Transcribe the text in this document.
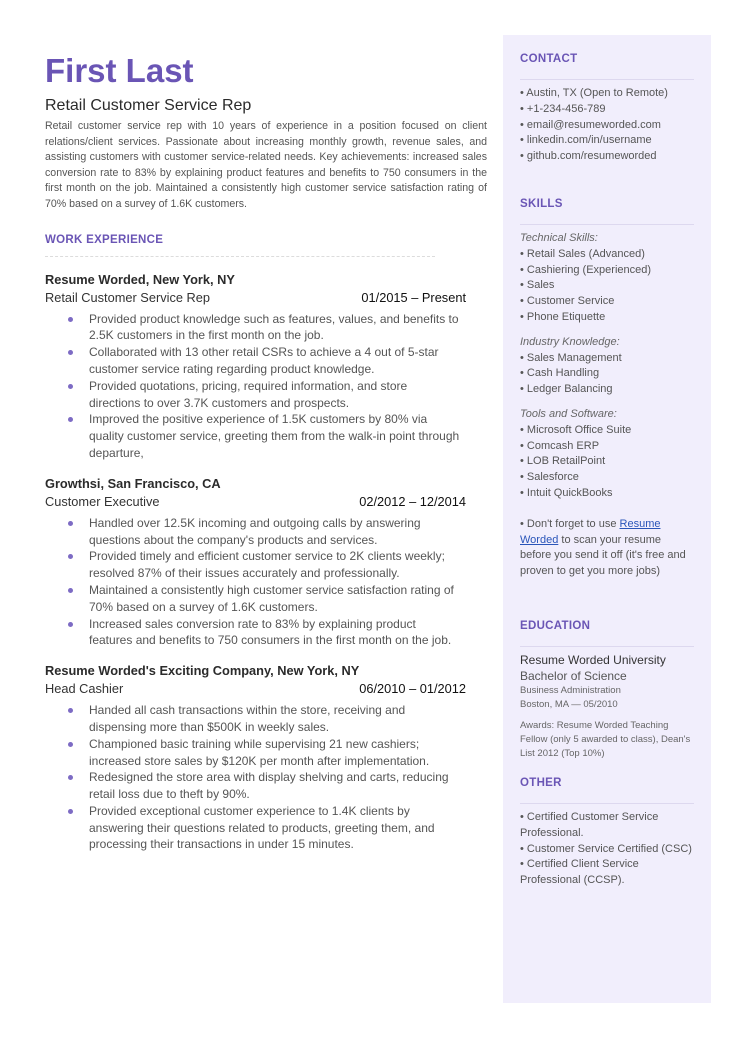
First Last
Retail Customer Service Rep
Retail customer service rep with 10 years of experience in a position focused on client relations/client services. Passionate about increasing monthly growth, revenue sales, and assisting customers with customer service-related needs. Key achievements: increased sales conversion rate to 83% by explaining product features and benefits to 750 consumers in the first month on the job. Maintained a consistently high customer service satisfaction rating of 70% based on a survey of 1.6K customers.
WORK EXPERIENCE
Resume Worded, New York, NY
Retail Customer Service Rep	01/2015 – Present
Provided product knowledge such as features, values, and benefits to 2.5K customers in the first month on the job.
Collaborated with 13 other retail CSRs to achieve a 4 out of 5-star customer service rating regarding product knowledge.
Provided quotations, pricing, required information, and store directions to over 3.7K customers and prospects.
Improved the positive experience of 1.5K customers by 80% via quality customer service, greeting them from the walk-in point through departure,
Growthsi, San Francisco, CA
Customer Executive	02/2012 – 12/2014
Handled over 12.5K incoming and outgoing calls by answering questions about the company's products and services.
Provided timely and efficient customer service to 2K clients weekly; resolved 87% of their issues accurately and professionally.
Maintained a consistently high customer service satisfaction rating of 70% based on a survey of 1.6K customers.
Increased sales conversion rate to 83% by explaining product features and benefits to 750 consumers in the first month on the job.
Resume Worded's Exciting Company, New York, NY
Head Cashier	06/2010 – 01/2012
Handed all cash transactions within the store, receiving and dispensing more than $500K in weekly sales.
Championed basic training while supervising 21 new cashiers; increased store sales by $120K per month after implementation.
Redesigned the store area with display shelving and carts, reducing retail loss due to theft by 90%.
Provided exceptional customer experience to 1.4K clients by answering their questions related to products, greeting them, and processing their transactions in under 15 minutes.
CONTACT
• Austin, TX (Open to Remote)
• +1-234-456-789
• email@resumeworded.com
• linkedin.com/in/username
• github.com/resumeworded
SKILLS
Technical Skills:
• Retail Sales (Advanced)
• Cashiering (Experienced)
• Sales
• Customer Service
• Phone Etiquette
Industry Knowledge:
• Sales Management
• Cash Handling
• Ledger Balancing
Tools and Software:
• Microsoft Office Suite
• Comcash ERP
• LOB RetailPoint
• Salesforce
• Intuit QuickBooks
• Don't forget to use Resume Worded to scan your resume before you send it off (it's free and proven to get you more jobs)
EDUCATION
Resume Worded University
Bachelor of Science
Business Administration
Boston, MA — 05/2010
Awards: Resume Worded Teaching Fellow (only 5 awarded to class), Dean's List 2012 (Top 10%)
OTHER
• Certified Customer Service Professional.
• Customer Service Certified (CSC)
• Certified Client Service Professional (CCSP).
